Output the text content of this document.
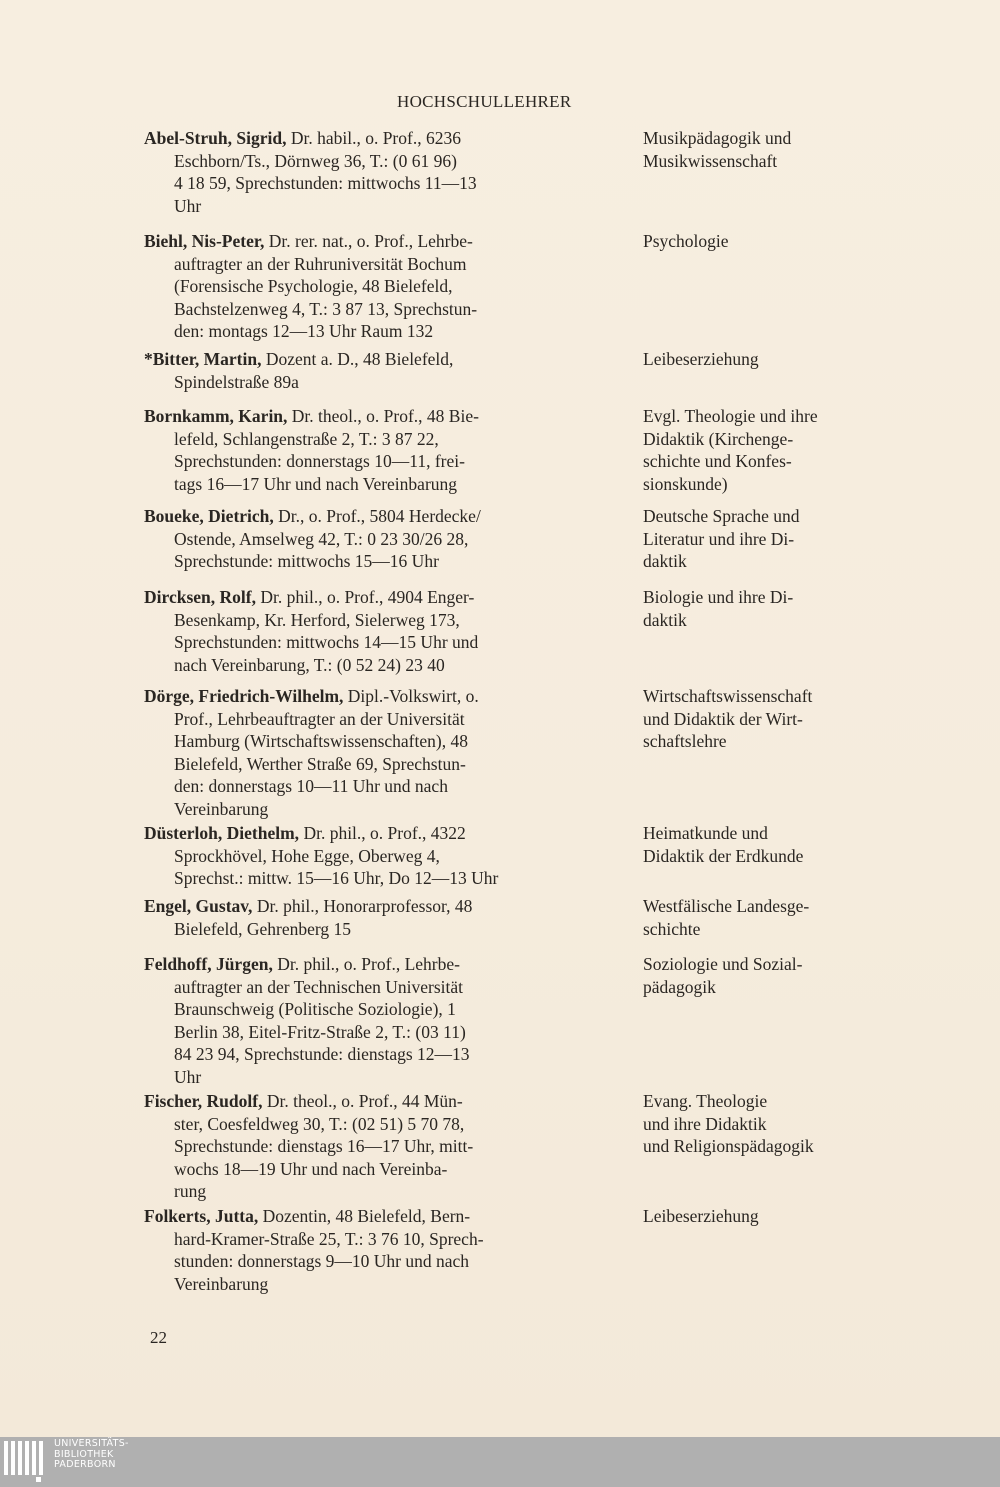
HOCHSCHULLEHRER
Abel-Struh, Sigrid, Dr. habil., o. Prof., 6236
Eschborn/Ts., Dörnweg 36, T.: (0 61 96)
4 18 59, Sprechstunden: mittwochs 11—13
Uhr
Musikpädagogik und
Musikwissenschaft
Biehl, Nis-Peter, Dr. rer. nat., o. Prof., Lehrbe-
auftragter an der Ruhruniversität Bochum
(Forensische Psychologie, 48 Bielefeld,
Bachstelzenweg 4, T.: 3 87 13, Sprechstun-
den: montags 12—13 Uhr Raum 132
Psychologie
*Bitter, Martin, Dozent a. D., 48 Bielefeld,
Spindelstraße 89a
Leibeserziehung
Bornkamm, Karin, Dr. theol., o. Prof., 48 Bie-
lefeld, Schlangenstraße 2, T.: 3 87 22,
Sprechstunden: donnerstags 10—11, frei-
tags 16—17 Uhr und nach Vereinbarung
Evgl. Theologie und ihre
Didaktik (Kirchenge-
schichte und Konfes-
sionskunde)
Boueke, Dietrich, Dr., o. Prof., 5804 Herdecke/
Ostende, Amselweg 42, T.: 0 23 30/26 28,
Sprechstunde: mittwochs 15—16 Uhr
Deutsche Sprache und
Literatur und ihre Di-
daktik
Dircksen, Rolf, Dr. phil., o. Prof., 4904 Enger-
Besenkamp, Kr. Herford, Sielerweg 173,
Sprechstunden: mittwochs 14—15 Uhr und
nach Vereinbarung, T.: (0 52 24) 23 40
Biologie und ihre Di-
daktik
Dörge, Friedrich-Wilhelm, Dipl.-Volkswirt, o.
Prof., Lehrbeauftragter an der Universität
Hamburg (Wirtschaftswissenschaften), 48
Bielefeld, Werther Straße 69, Sprechstun-
den: donnerstags 10—11 Uhr und nach
Vereinbarung
Wirtschaftswissenschaft
und Didaktik der Wirt-
schaftslehre
Düsterloh, Diethelm, Dr. phil., o. Prof., 4322
Sprockhövel, Hohe Egge, Oberweg 4,
Sprechst.: mittw. 15—16 Uhr, Do 12—13 Uhr
Heimatkunde und
Didaktik der Erdkunde
Engel, Gustav, Dr. phil., Honorarprofessor, 48
Bielefeld, Gehrenberg 15
Westfälische Landesge-
schichte
Feldhoff, Jürgen, Dr. phil., o. Prof., Lehrbe-
auftragter an der Technischen Universität
Braunschweig (Politische Soziologie), 1
Berlin 38, Eitel-Fritz-Straße 2, T.: (03 11)
84 23 94, Sprechstunde: dienstags 12—13
Uhr
Soziologie und Sozial-
pädagogik
Fischer, Rudolf, Dr. theol., o. Prof., 44 Mün-
ster, Coesfeldweg 30, T.: (02 51) 5 70 78,
Sprechstunde: dienstags 16—17 Uhr, mitt-
wochs 18—19 Uhr und nach Vereinba-
rung
Evang. Theologie
und ihre Didaktik
und Religionspädagogik
Folkerts, Jutta, Dozentin, 48 Bielefeld, Bern-
hard-Kramer-Straße 25, T.: 3 76 10, Sprech-
stunden: donnerstags 9—10 Uhr und nach
Vereinbarung
Leibeserziehung
22
UNIVERSITÄTS-
BIBLIOTHEK
PADERBORN
